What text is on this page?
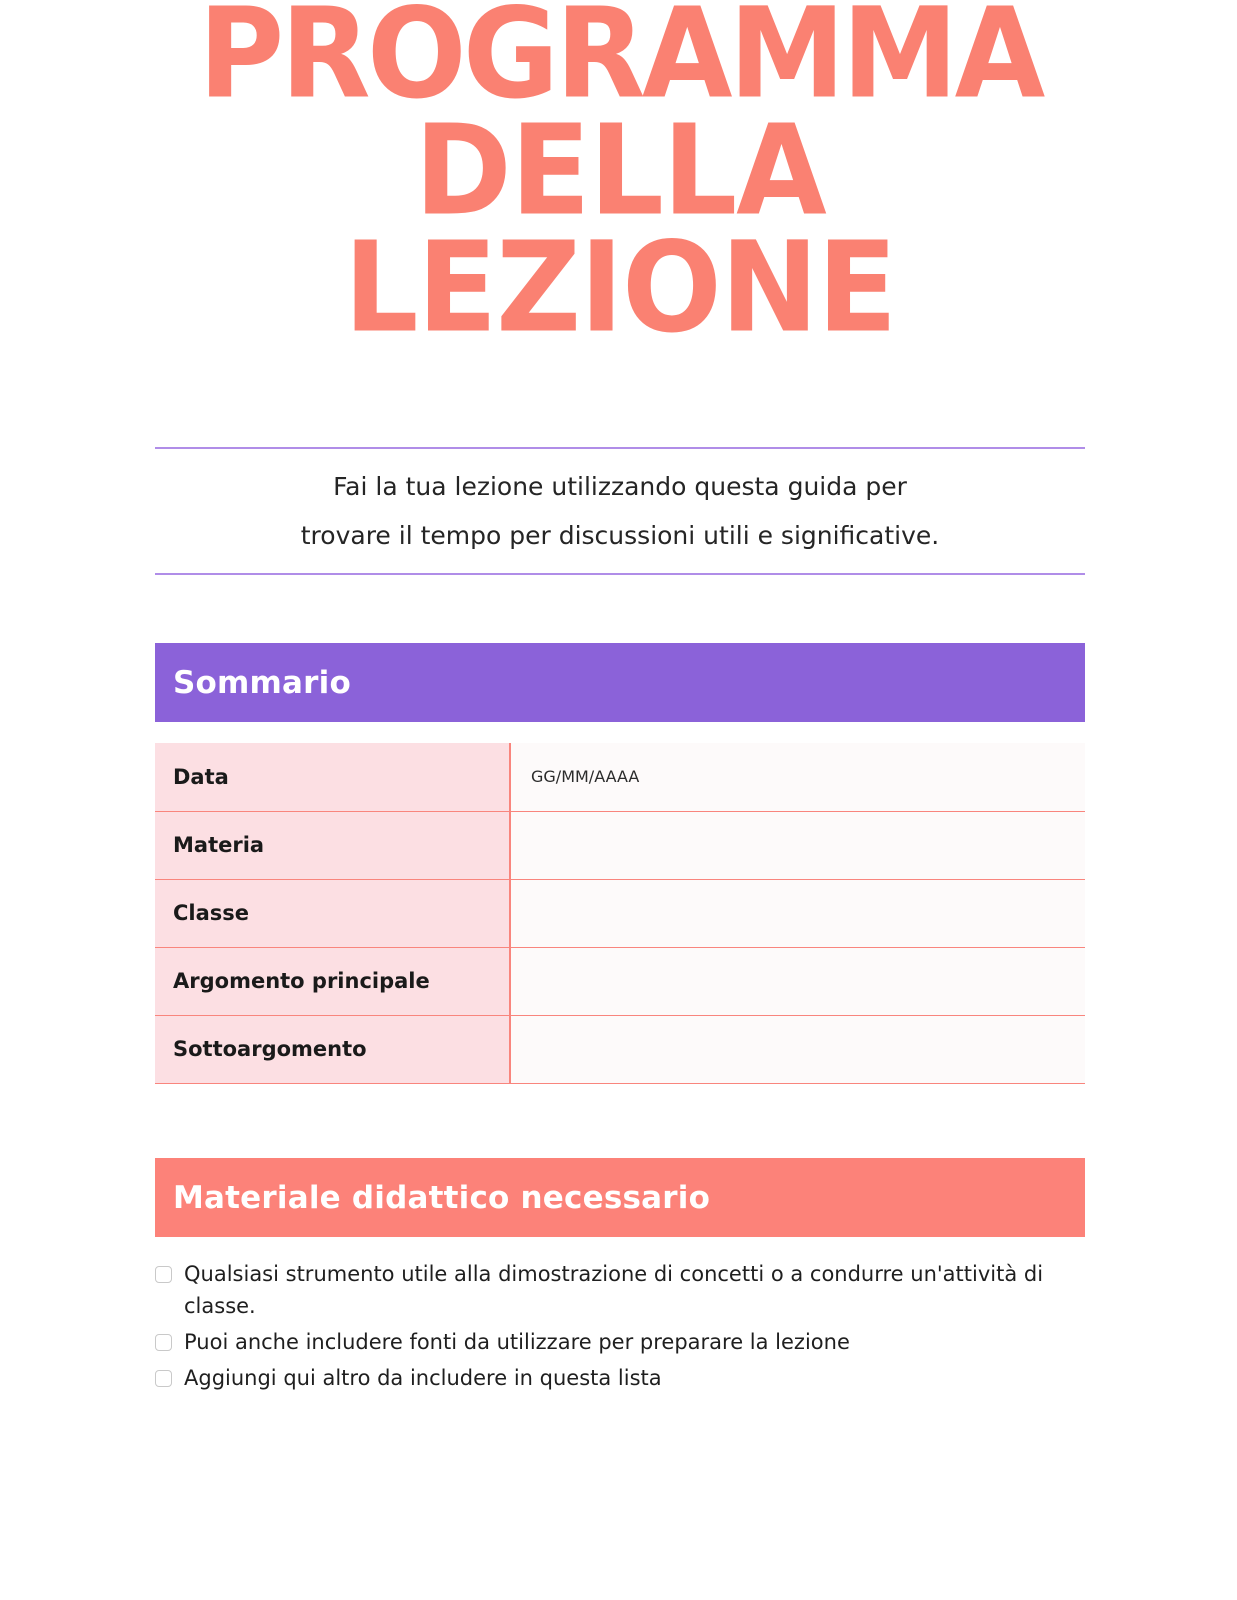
PROGRAMMA
DELLA
LEZIONE
Fai la tua lezione utilizzando questa guida per
trovare il tempo per discussioni utili e significative.
Sommario
Data	GG/MM/AAAA
Materia	
Classe	
Argomento principale	
Sottoargomento	
Materiale didattico necessario
Qualsiasi strumento utile alla dimostrazione di concetti o a condurre un'attività di classe.
Puoi anche includere fonti da utilizzare per preparare la lezione
Aggiungi qui altro da includere in questa lista
